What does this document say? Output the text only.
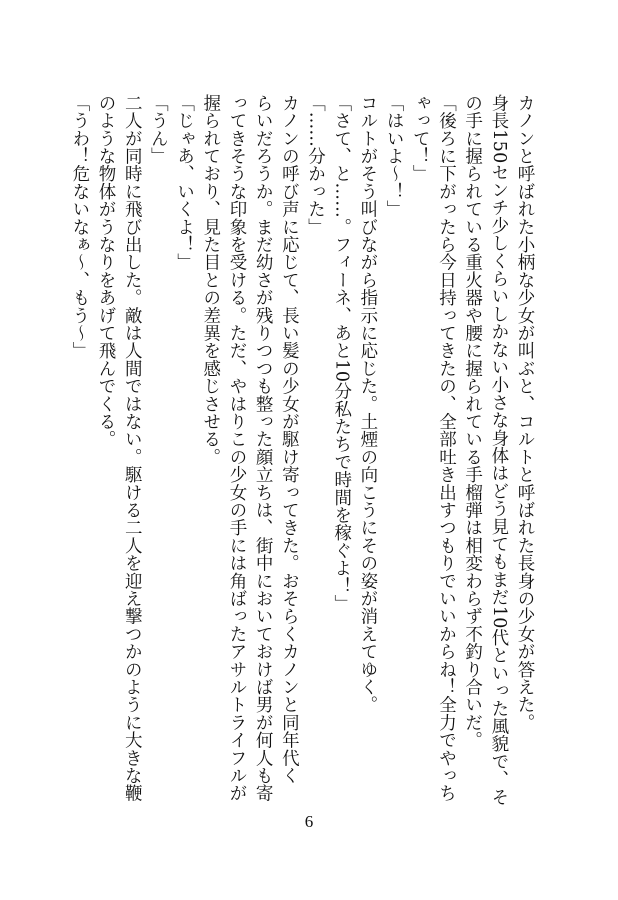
カノンと呼ばれた小柄な少女が叫ぶと、コルトと呼ばれた長身の少女が答えた。
身長150センチ少しくらいしかない小さな身体はどう見てもまだ10代といった風貌で、そ
の手に握られている重火器や腰に握られている手榴弾は相変わらず不釣り合いだ。
「後ろに下がったら今日持ってきたの、全部吐き出すつもりでいいからね！全力でやっち
ゃって！」
「はいよ～！」
コルトがそう叫びながら指示に応じた。土煙の向こうにその姿が消えてゆく。
「さて、と……。フィーネ、あと10分私たちで時間を稼ぐよ！」
「……分かった」
カノンの呼び声に応じて、長い髪の少女が駆け寄ってきた。おそらくカノンと同年代く
らいだろうか。まだ幼さが残りつつも整った顔立ちは、街中においておけば男が何人も寄
ってきそうな印象を受ける。ただ、やはりこの少女の手には角ばったアサルトライフルが
握られており、見た目との差異を感じさせる。
「じゃあ、いくよ！」
「うん」
二人が同時に飛び出した。敵は人間ではない。駆ける二人を迎え撃つかのように大きな鞭
のような物体がうなりをあげて飛んでくる。
「うわ！危ないなぁ～、もう～」
6
